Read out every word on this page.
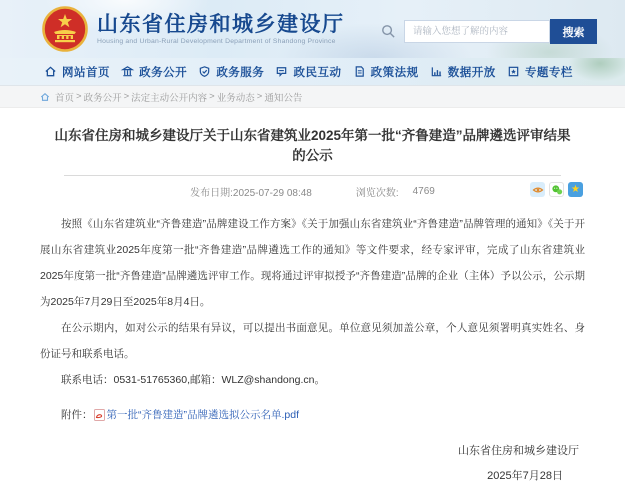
山东省住房和城乡建设厅
Housing and Urban-Rural Development Department of Shandong Province
请输入您想了解的内容
搜索
网站首页	政务公开	政务服务	政民互动	政策法规	数据开放	专题专栏
首页 > 政务公开 > 法定主动公开内容 > 业务动态 > 通知公告
山东省住房和城乡建设厅关于山东省建筑业2025年第一批“齐鲁建造”品牌遴选评审结果的公示
发布日期:2025-07-29 08:48	浏览次数: 4769	★

按照《山东省建筑业“齐鲁建造”品牌建设工作方案》《关于加强山东省建筑业“齐鲁建造”品牌管理的通知》《关于开展山东省建筑业2025年度第一批“齐鲁建造”品牌遴选工作的通知》等文件要求，经专家评审，完成了山东省建筑业2025年度第一批“齐鲁建造”品牌遴选评审工作。现将通过评审拟授予“齐鲁建造”品牌的企业（主体）予以公示，公示期为2025年7月29日至2025年8月4日。

在公示期内，如对公示的结果有异议，可以提出书面意见。单位意见须加盖公章，个人意见须署明真实姓名、身份证号和联系电话。

联系电话：0531-51765360,邮箱：WLZ@shandong.cn。

附件： 第一批“齐鲁建造”品牌遴选拟公示名单.pdf
山东省住房和城乡建设厅
2025年7月28日
